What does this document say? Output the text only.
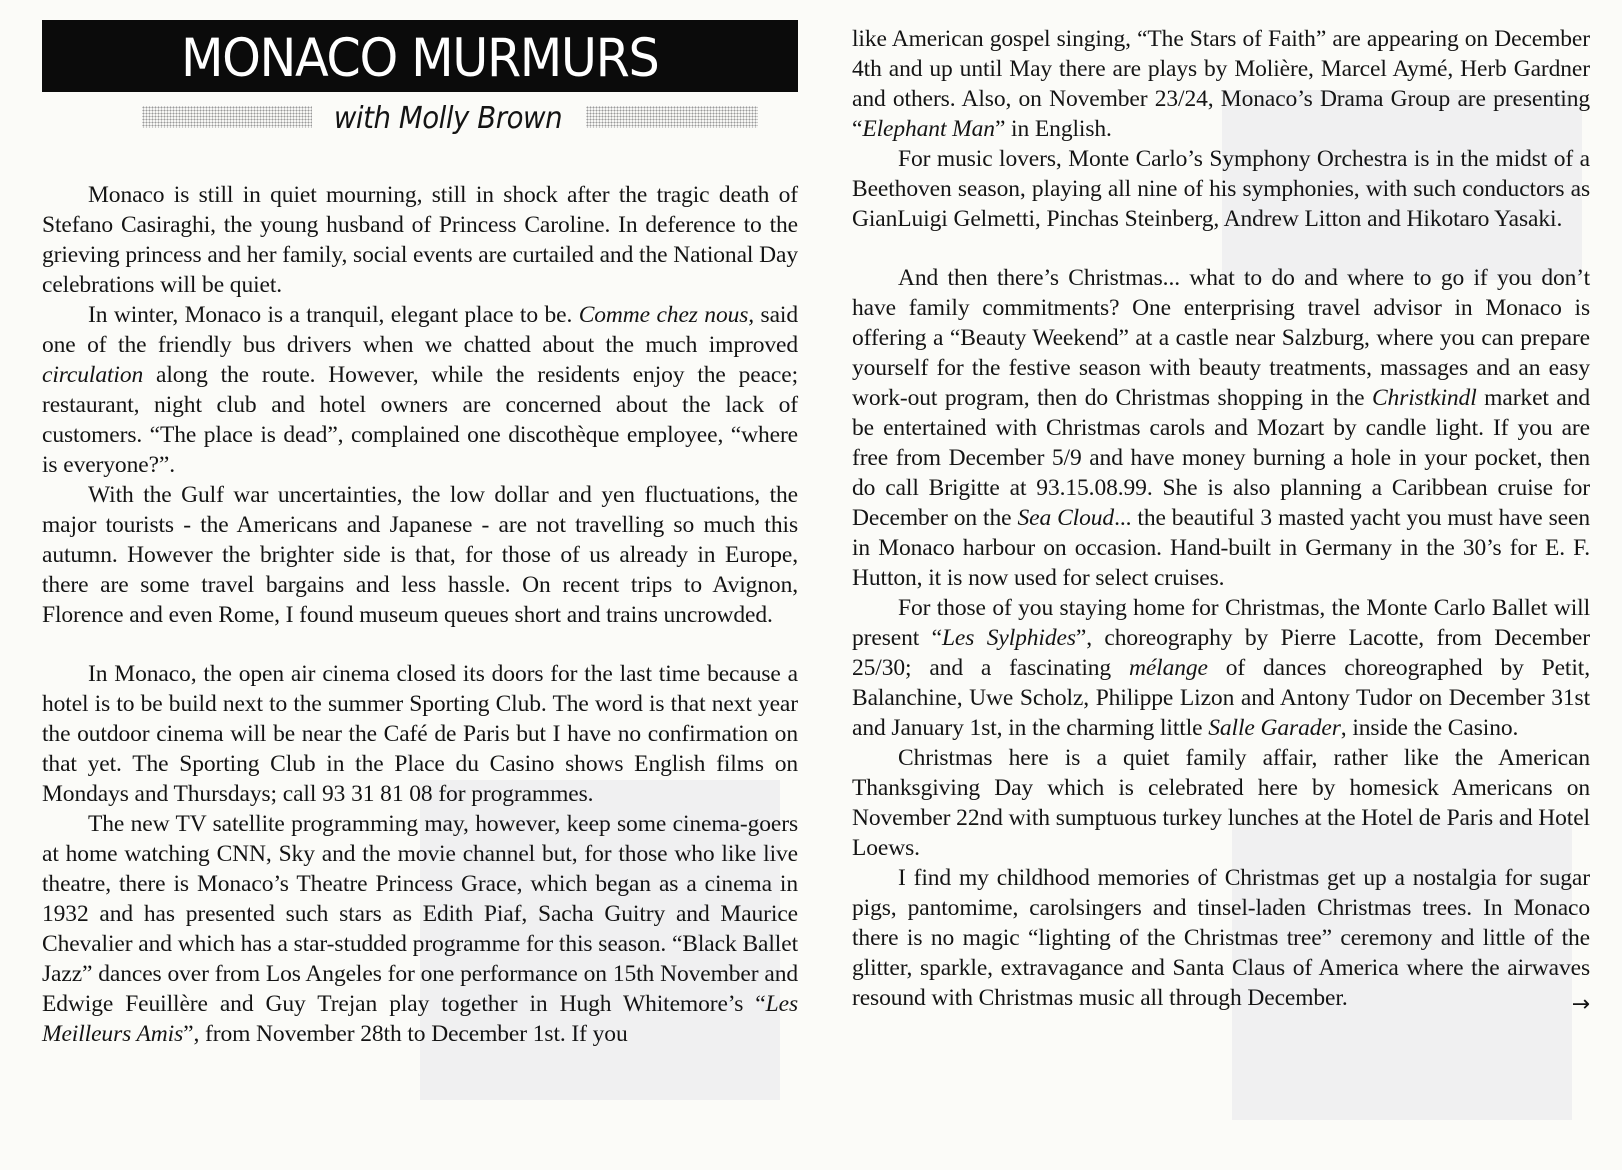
MONACO MURMURS
with Molly Brown

Monaco is still in quiet mourning, still in shock after the tragic death of Stefano Casiraghi, the young husband of Princess Caroline. In deference to the grieving princess and her family, social events are curtailed and the National Day celebrations will be quiet.

In winter, Monaco is a tranquil, elegant place to be. Comme chez nous, said one of the friendly bus drivers when we chatted about the much improved circulation along the route. However, while the residents enjoy the peace; restaurant, night club and hotel owners are concerned about the lack of customers. “The place is dead”, complained one discothèque employee, “where is everyone?”.

With the Gulf war uncertainties, the low dollar and yen fluctuations, the major tourists - the Americans and Japanese - are not travelling so much this autumn. However the brighter side is that, for those of us already in Europe, there are some travel bargains and less hassle. On recent trips to Avignon, Florence and even Rome, I found museum queues short and trains uncrowded.

In Monaco, the open air cinema closed its doors for the last time because a hotel is to be build next to the summer Sporting Club. The word is that next year the outdoor cinema will be near the Café de Paris but I have no confirmation on that yet. The Sporting Club in the Place du Casino shows English films on Mondays and Thursdays; call 93 31 81 08 for programmes.

The new TV satellite programming may, however, keep some cinema-goers at home watching CNN, Sky and the movie channel but, for those who like live theatre, there is Monaco’s Theatre Princess Grace, which began as a cinema in 1932 and has presented such stars as Edith Piaf, Sacha Guitry and Maurice Chevalier and which has a star-studded programme for this season. “Black Ballet Jazz” dances over from Los Angeles for one performance on 15th November and Edwige Feuillère and Guy Trejan play together in Hugh Whitemore’s “Les Meilleurs Amis”, from November 28th to December 1st. If you

like American gospel singing, “The Stars of Faith” are appearing on December 4th and up until May there are plays by Molière, Marcel Aymé, Herb Gardner and others. Also, on November 23/24, Monaco’s Drama Group are presenting “Elephant Man” in English.

For music lovers, Monte Carlo’s Symphony Orchestra is in the midst of a Beethoven season, playing all nine of his symphonies, with such conductors as GianLuigi Gelmetti, Pinchas Steinberg, Andrew Litton and Hikotaro Yasaki.

And then there’s Christmas... what to do and where to go if you don’t have family commitments? One enterprising travel advisor in Monaco is offering a “Beauty Weekend” at a castle near Salzburg, where you can prepare yourself for the festive season with beauty treatments, massages and an easy work-out program, then do Christmas shopping in the Christkindl market and be entertained with Christmas carols and Mozart by candle light. If you are free from December 5/9 and have money burning a hole in your pocket, then do call Brigitte at 93.15.08.99. She is also planning a Caribbean cruise for December on the Sea Cloud... the beautiful 3 masted yacht you must have seen in Monaco harbour on occasion. Hand-built in Germany in the 30’s for E. F. Hutton, it is now used for select cruises.

For those of you staying home for Christmas, the Monte Carlo Ballet will present “Les Sylphides”, choreography by Pierre Lacotte, from December 25/30; and a fascinating mélange of dances choreographed by Petit, Balanchine, Uwe Scholz, Philippe Lizon and Antony Tudor on December 31st and January 1st, in the charming little Salle Garader, inside the Casino.

Christmas here is a quiet family affair, rather like the American Thanksgiving Day which is celebrated here by homesick Americans on November 22nd with sumptuous turkey lunches at the Hotel de Paris and Hotel Loews.

I find my childhood memories of Christmas get up a nostalgia for sugar pigs, pantomime, carolsingers and tinsel-laden Christmas trees. In Monaco there is no magic “lighting of the Christmas tree” ceremony and little of the glitter, sparkle, extravagance and Santa Claus of America where the airwaves resound with Christmas music all through December.	→
